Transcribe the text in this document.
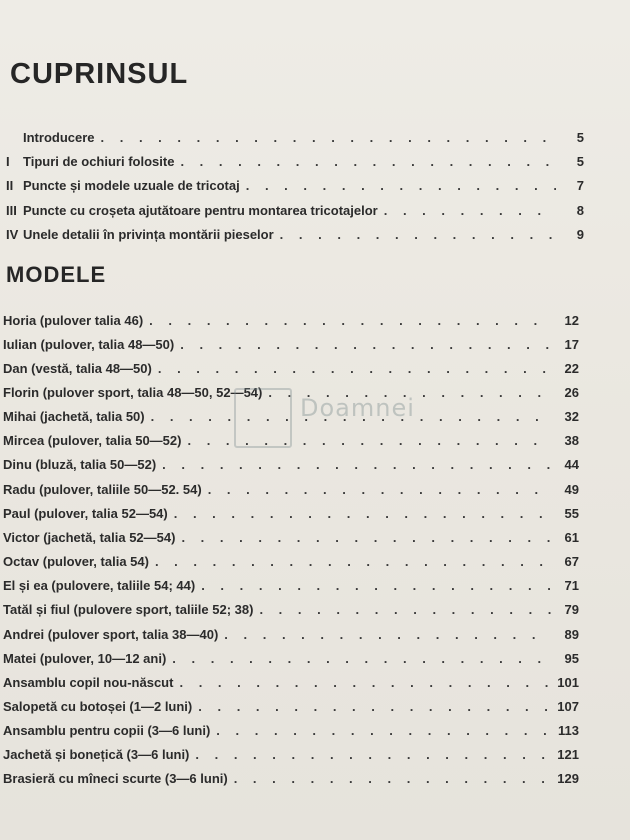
CUPRINSUL
Introducere . . .	5
I	Tipuri de ochiuri folosite . . .	5
II Puncte și modele uzuale de tricotaj . . .	7
III Puncte cu croșeta ajutătoare pentru montarea tricotajelor . . .	8
IV Unele detalii în privința montării pieselor . . .	9
MODELE
Horia (pulover talia 46) . . .	12
Iulian (pulover, talia 48—50) . . .	17
Dan (vestă, talia 48—50) . . .	22
Florin (pulover sport, talia 48—50, 52—54) . . .	26
Mihai (jachetă, talia 50) . . .	32
Mircea (pulover, talia 50—52) . . .	38
Dinu (bluză, talia 50—52) . . .	44
Radu (pulover, taliile 50—52. 54) . . .	49
Paul (pulover, talia 52—54) . . .	55
Victor (jachetă, talia 52—54) . . .	61
Octav (pulover, talia 54) . . .	67
El și ea (pulovere, taliile 54; 44) . . .	71
Tatăl și fiul (pulovere sport, taliile 52; 38) . . .	79
Andrei (pulover sport, talia 38—40) . . .	89
Matei (pulover, 10—12 ani) . . .	95
Ansamblu copil nou-născut . . .	101
Salopetă cu botoșei (1—2 luni) . . .	107
Ansamblu pentru copii (3—6 luni) . . .	113
Jachetă și bonețică (3—6 luni) . . .	121
Brasieră cu mîneci scurte (3—6 luni) . . .	129
Doamnei
